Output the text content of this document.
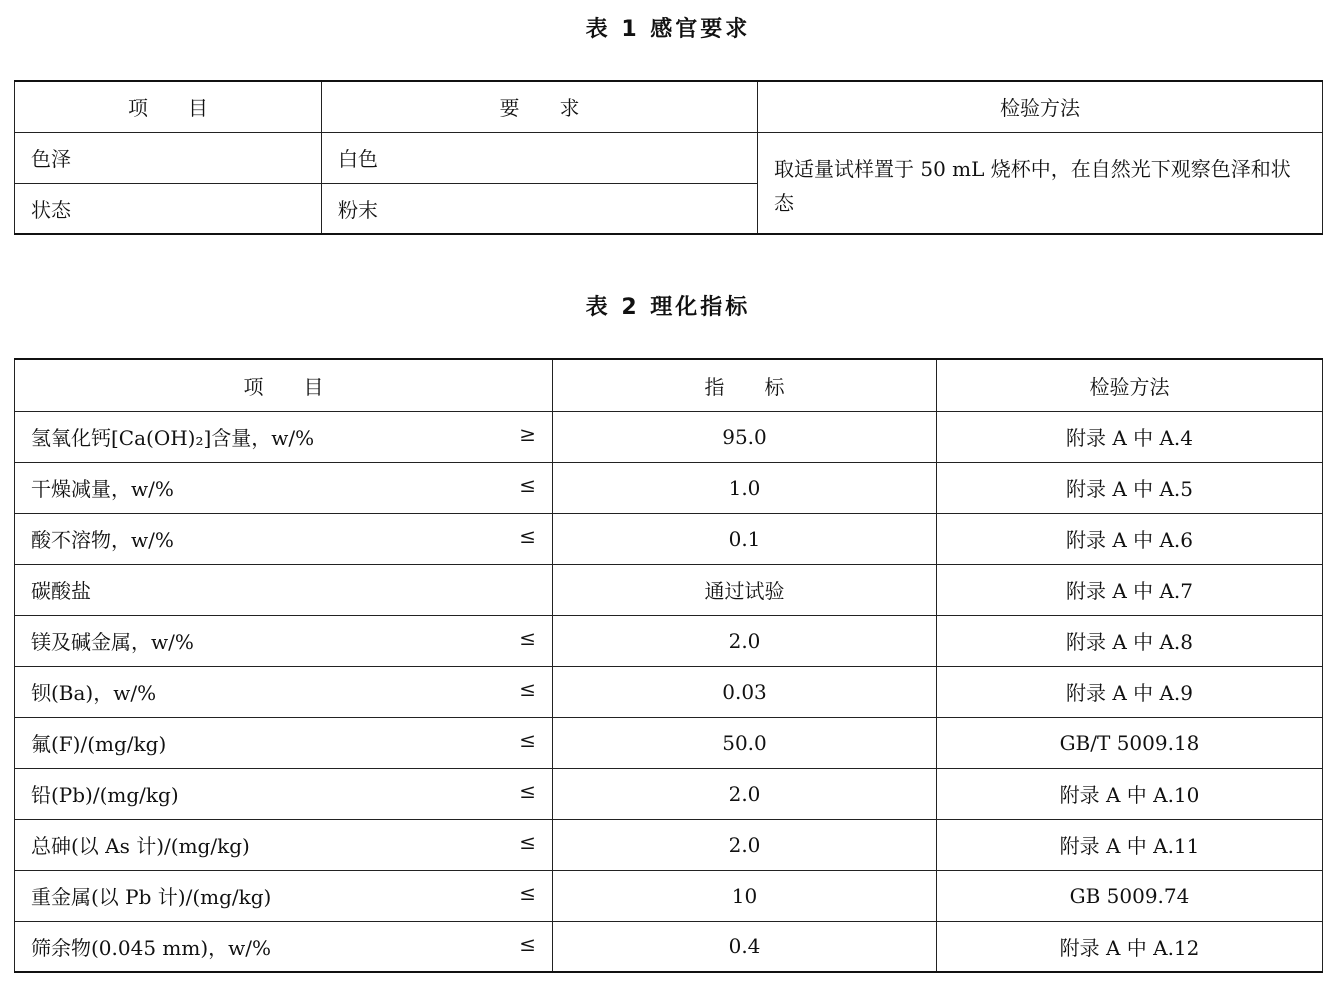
表 1 感官要求
项　　目	要　　求	检验方法
色泽	白色	取适量试样置于 50 mL 烧杯中，在自然光下观察色泽和状态
状态	粉末	
表 2 理化指标
项　　目	指　　标	检验方法
氢氧化钙[Ca(OH)₂]含量，w/% ≥	95.0	附录 A 中 A.4
干燥减量，w/% ≤	1.0	附录 A 中 A.5
酸不溶物，w/% ≤	0.1	附录 A 中 A.6
碳酸盐	通过试验	附录 A 中 A.7
镁及碱金属，w/% ≤	2.0	附录 A 中 A.8
钡(Ba)，w/% ≤	0.03	附录 A 中 A.9
氟(F)/(mg/kg) ≤	50.0	GB/T 5009.18
铅(Pb)/(mg/kg) ≤	2.0	附录 A 中 A.10
总砷(以 As 计)/(mg/kg) ≤	2.0	附录 A 中 A.11
重金属(以 Pb 计)/(mg/kg) ≤	10	GB 5009.74
筛余物(0.045 mm)，w/% ≤	0.4	附录 A 中 A.12
